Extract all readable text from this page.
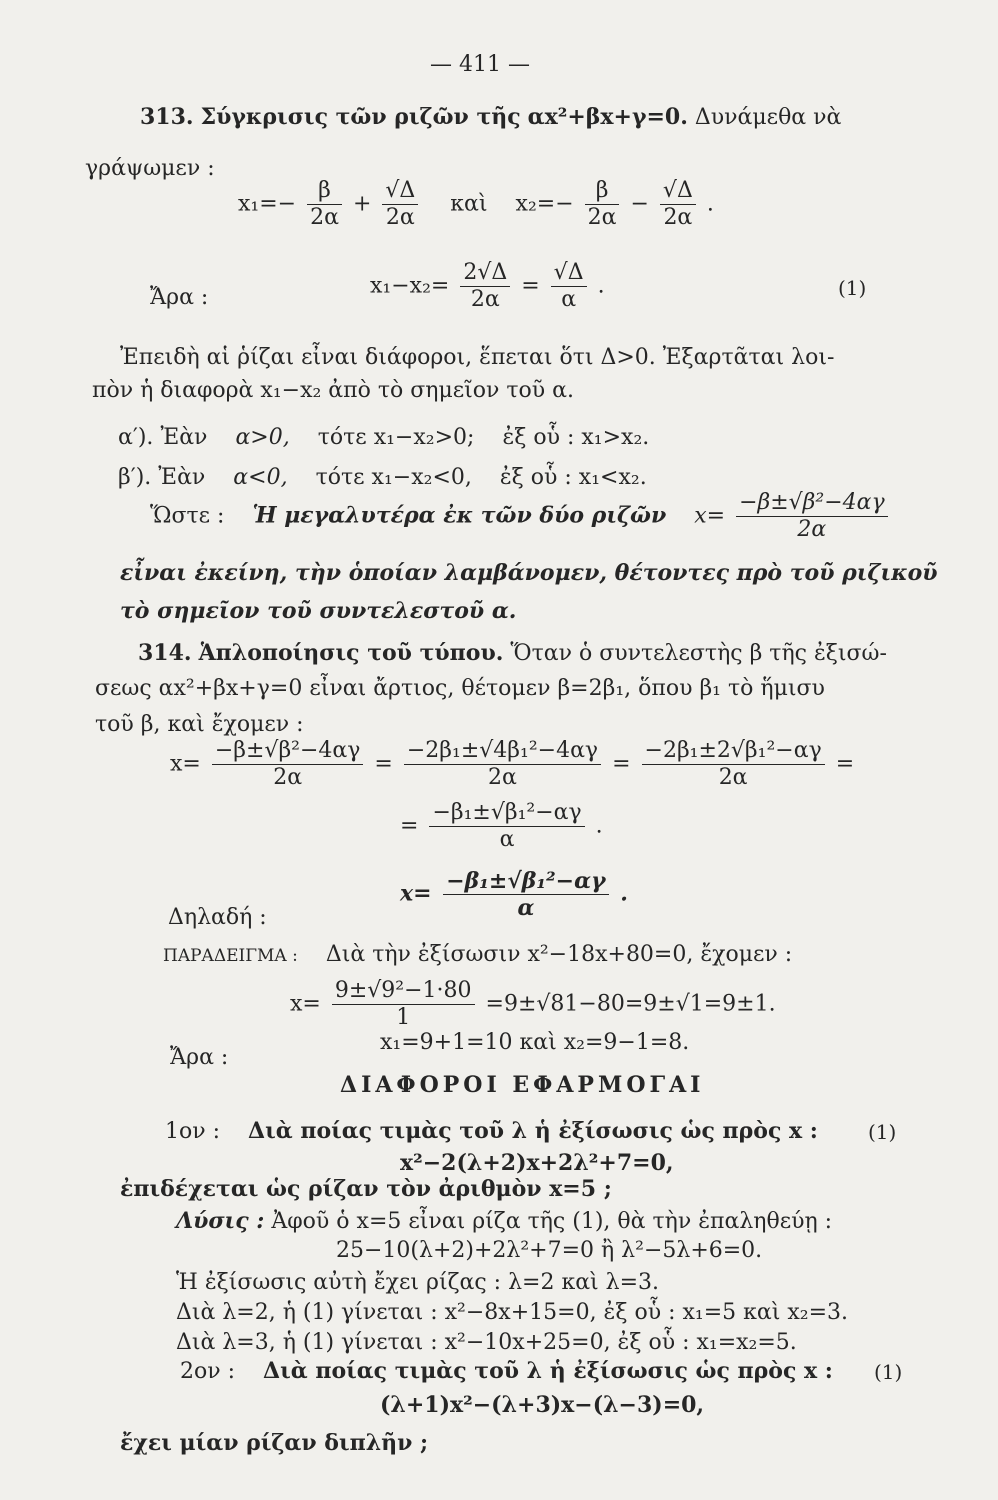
— 411 —
313. Σύγκρισις τῶν ριζῶν τῆς αx²+βx+γ=0. Δυνάμεθα νὰ
γράψωμεν :
$x_1=- \frac{\beta}{2\alpha} + \frac{√\Delta}{2\alpha}$ καὶ $x_2=- \frac{\beta}{2\alpha} - \frac{√\Delta}{2\alpha}$ .
Ἄρα :	$x_1-x_2= \frac{2√\Delta}{2\alpha} = \frac{√\Delta}{\alpha}$ .	(1)
Ἐπειδὴ αἱ ῥίζαι εἶναι διάφοροι, ἕπεται ὅτι Δ>0. Ἐξαρτᾶται λοι-
πὸν ἡ διαφορὰ x₁−x₂ ἀπὸ τὸ σημεῖον τοῦ α.
α′). Ἐὰν α>0, τότε x₁−x₂>0; ἐξ οὗ : x₁>x₂.
β′). Ἐὰν α<0, τότε x₁−x₂<0, ἐξ οὗ : x₁<x₂.
Ὥστε : Ἡ μεγαλυτέρα ἐκ τῶν δύο ριζῶν $x= \frac{\text{−β±√β²−4αγ}}{2\alpha}$
εἶναι ἐκείνη, τὴν ὁποίαν λαμβάνομεν, θέτοντες πρὸ τοῦ ριζικοῦ
τὸ σημεῖον τοῦ συντελεστοῦ α.
314. Ἁπλοποίησις τοῦ τύπου. Ὅταν ὁ συντελεστὴς β τῆς ἐξισώ-
σεως αx²+βx+γ=0 εἶναι ἄρτιος, θέτομεν β=2β₁, ὅπου β₁ τὸ ἥμισυ
τοῦ β, καὶ ἔχομεν :
$x= \frac{\text{−β±√β²−4αγ}}{2\alpha} = \frac{\text{−2β₁±√4β₁²−4αγ}}{2\alpha} = \frac{\text{−2β₁±2√β₁²−αγ}}{2\alpha}$ =
= $\frac{\text{−β₁±√β₁²−αγ}}{\alpha}$ .
Δηλαδή :
$x= \frac{\text{−β₁±√β₁²−αγ}}{\alpha}$ .
ΠΑΡΑΔΕΙΓΜΑ : Διὰ τὴν ἐξίσωσιν x²−18x+80=0, ἔχομεν :
$x= \frac{\text{9±√9²−1·80}}{1} =9\pm√81-80=9\pm√1=9\pm 1$.
Ἄρα :
x₁=9+1=10 καὶ x₂=9−1=8.
ΔΙΑΦΟΡΟΙ ΕΦΑΡΜΟΓΑΙ
1ον : Διὰ ποίας τιμὰς τοῦ λ ἡ ἐξίσωσις ὡς πρὸς x :
x²−2(λ+2)x+2λ²+7=0,
(1)
ἐπιδέχεται ὡς ρίζαν τὸν ἀριθμὸν x=5 ;
Λύσις : Ἀφοῦ ὁ x=5 εἶναι ρίζα τῆς (1), θὰ τὴν ἐπαληθεύῃ :
25−10(λ+2)+2λ²+7=0 ἢ λ²−5λ+6=0.
Ἡ ἐξίσωσις αὐτὴ ἔχει ρίζας : λ=2 καὶ λ=3.
Διὰ λ=2, ἡ (1) γίνεται : x²−8x+15=0, ἐξ οὗ : x₁=5 καὶ x₂=3.
Διὰ λ=3, ἡ (1) γίνεται : x²−10x+25=0, ἐξ οὗ : x₁=x₂=5.
2ον : Διὰ ποίας τιμὰς τοῦ λ ἡ ἐξίσωσις ὡς πρὸς x :
(λ+1)x²−(λ+3)x−(λ−3)=0,
(1)
ἔχει μίαν ρίζαν διπλῆν ;
